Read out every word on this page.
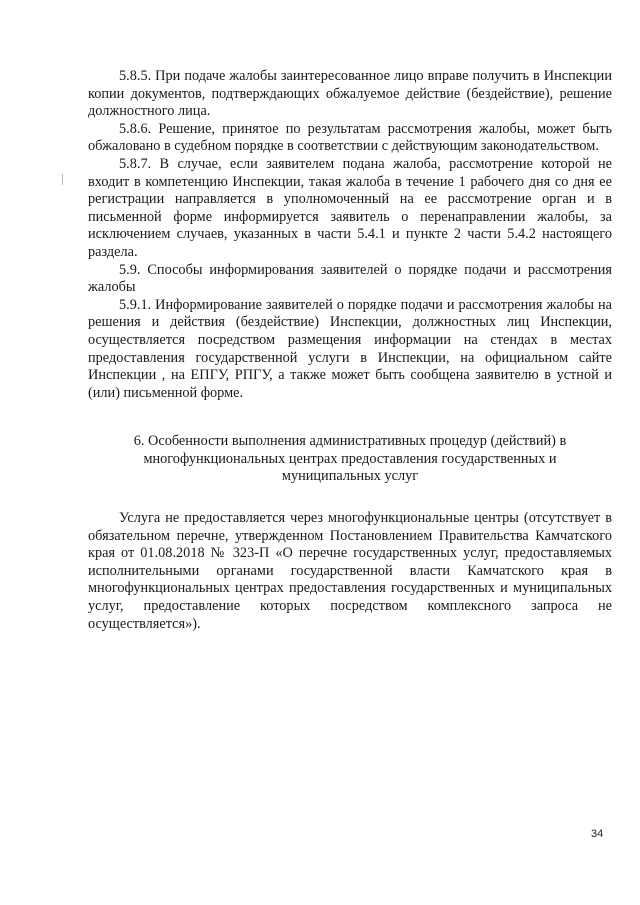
5.8.5. При подаче жалобы заинтересованное лицо вправе получить в Инспекции копии документов, подтверждающих обжалуемое действие (бездействие), решение должностного лица.

5.8.6. Решение, принятое по результатам рассмотрения жалобы, может быть обжаловано в судебном порядке в соответствии с действующим законодательством.

5.8.7. В случае, если заявителем подана жалоба, рассмотрение которой не входит в компетенцию Инспекции, такая жалоба в течение 1 рабочего дня со дня ее регистрации направляется в уполномоченный на ее рассмотрение орган и в письменной форме информируется заявитель о перенаправлении жалобы, за исключением случаев, указанных в части 5.4.1 и пункте 2 части 5.4.2 настоящего раздела.

5.9. Способы информирования заявителей о порядке подачи и рассмотрения жалобы

5.9.1. Информирование заявителей о порядке подачи и рассмотрения жалобы на решения и действия (бездействие) Инспекции, должностных лиц Инспекции, осуществляется посредством размещения информации на стендах в местах предоставления государственной услуги в Инспекции, на официальном сайте Инспекции , на ЕПГУ, РПГУ, а также может быть сообщена заявителю в устной и (или) письменной форме.

6. Особенности выполнения административных процедур (действий) в многофункциональных центрах предоставления государственных и муниципальных услуг

Услуга не предоставляется через многофункциональные центры (отсутствует в обязательном перечне, утвержденном Постановлением Правительства Камчатского края от 01.08.2018 № 323-П «О перечне государственных услуг, предоставляемых исполнительными органами государственной власти Камчатского края в многофункциональных центрах предоставления государственных и муниципальных услуг, предоставление которых посредством комплексного запроса не осуществляется»).

34
